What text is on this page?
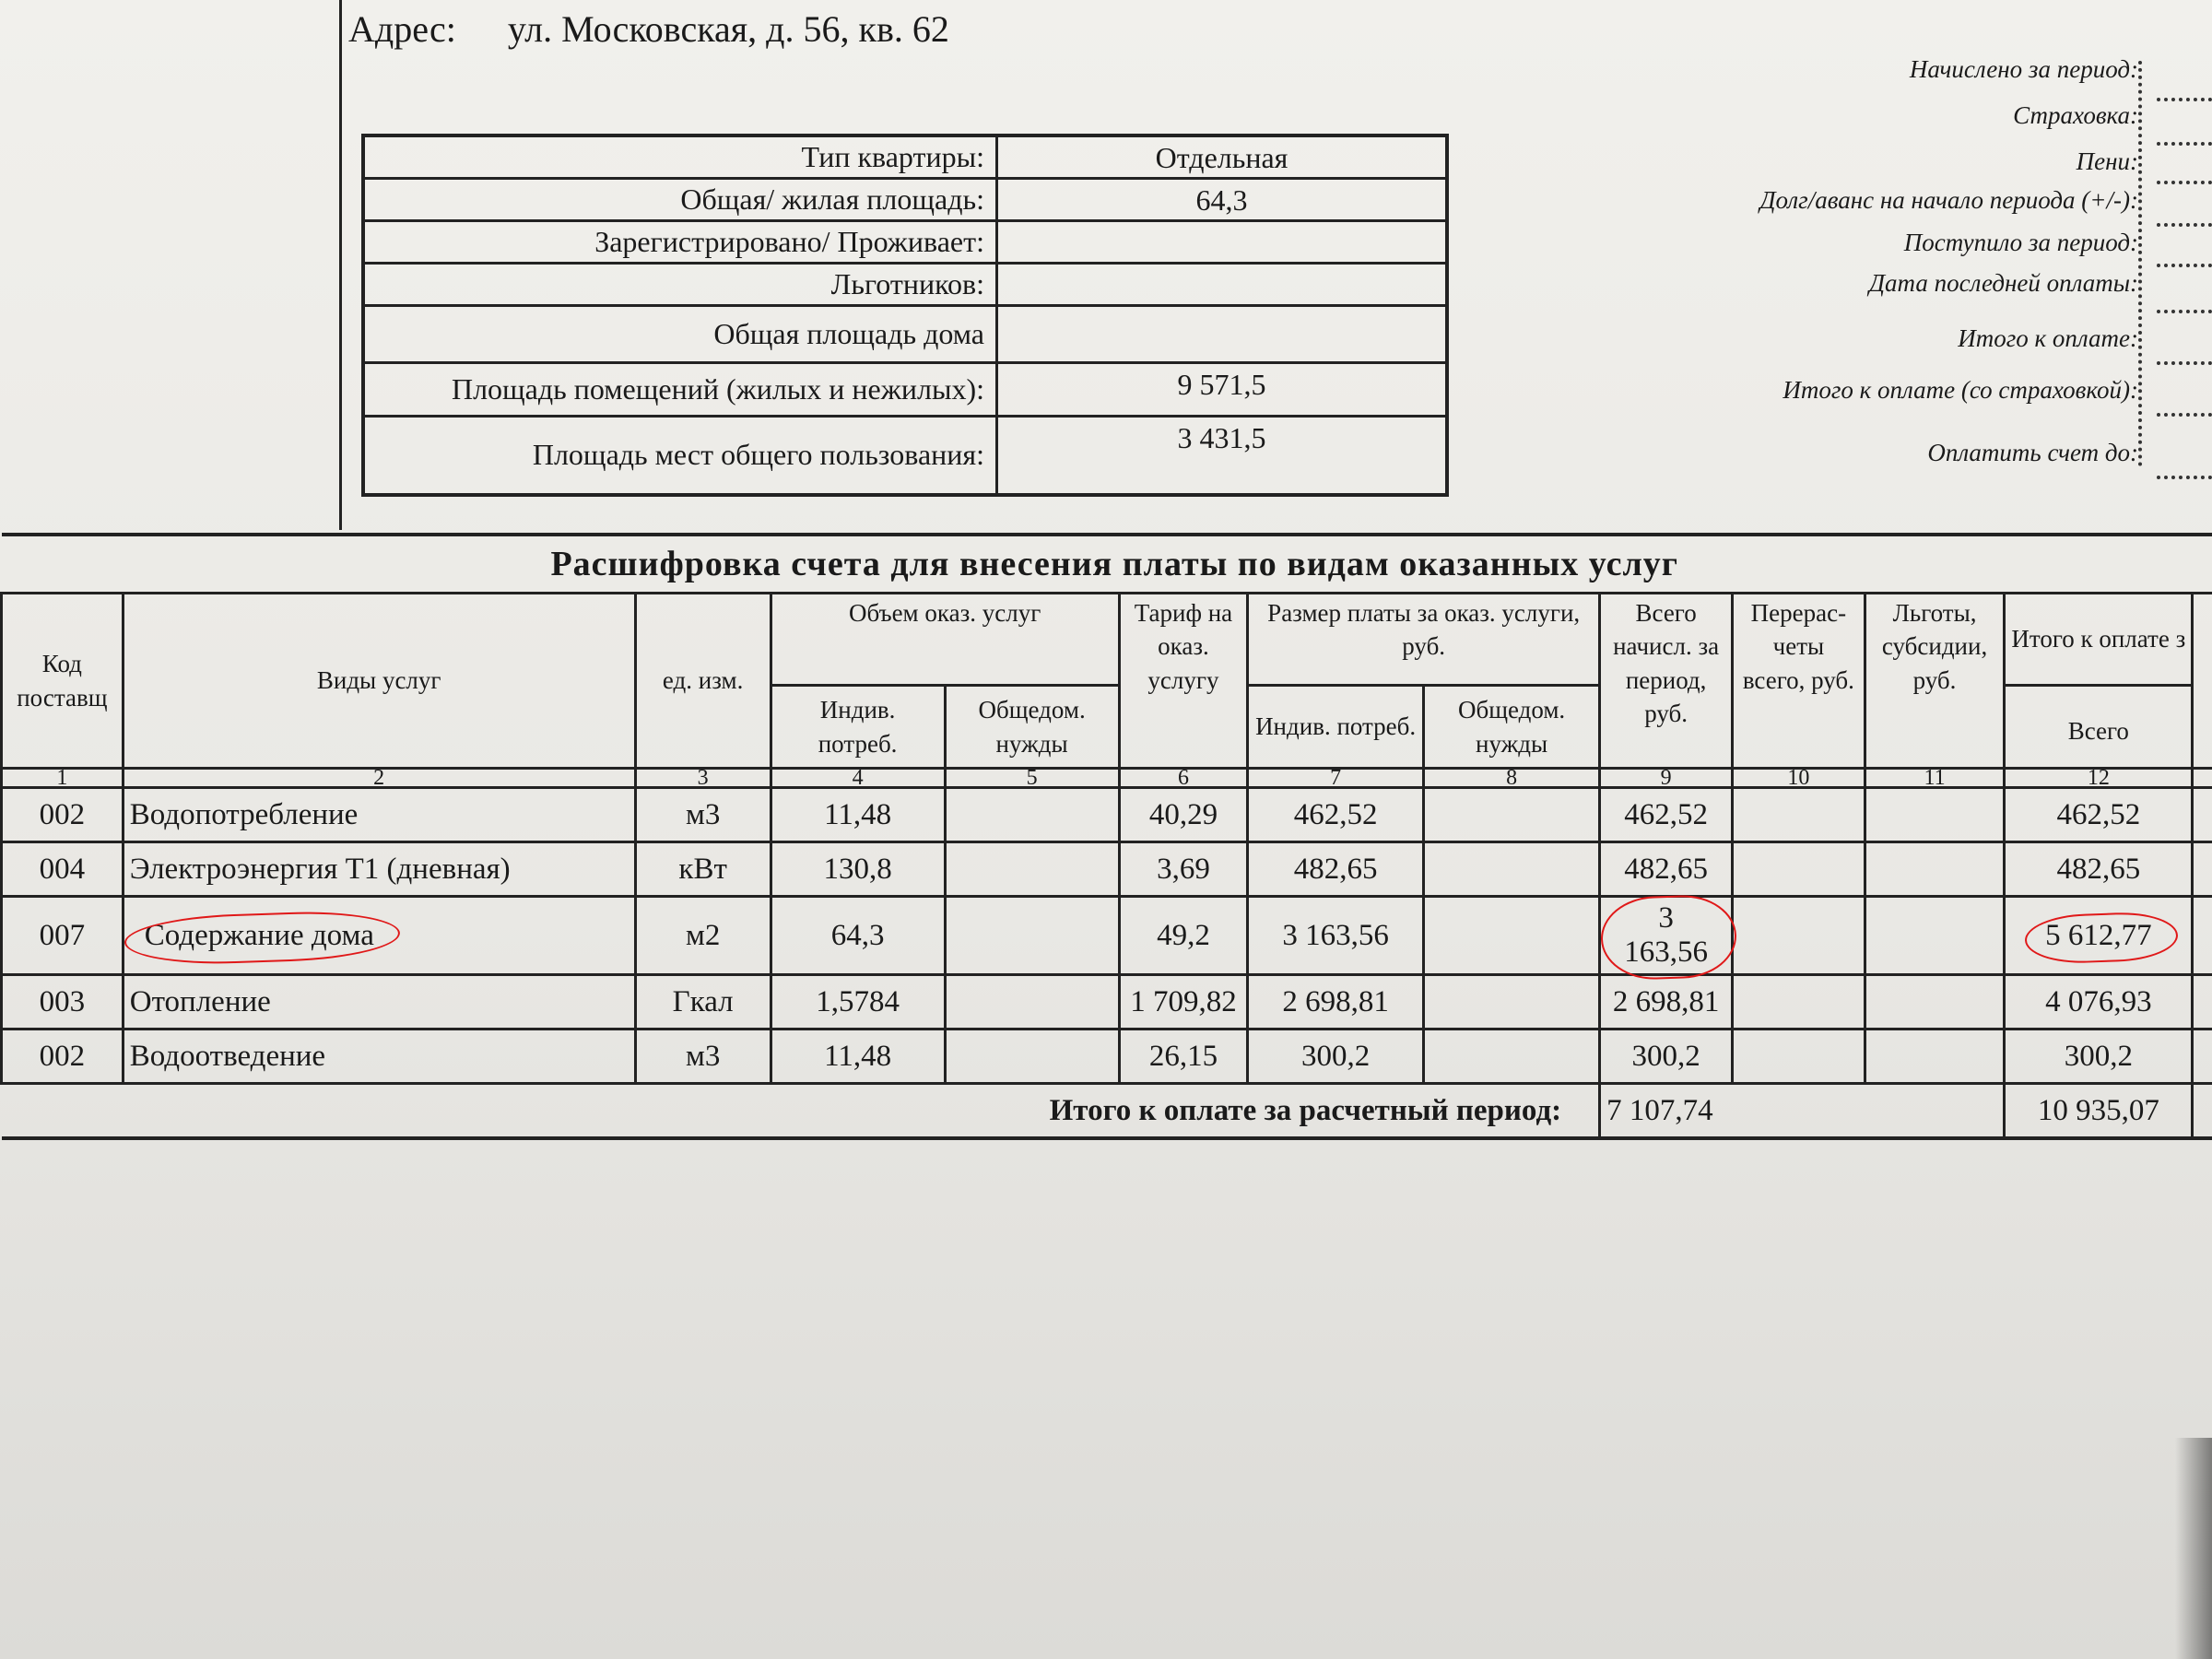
Адрес: ул. Московская, д. 56, кв. 62
Тип квартиры:	Отдельная
Общая/ жилая площадь:	64,3
Зарегистрировано/ Проживает:	
Льготников:	
Общая площадь дома	
Площадь помещений (жилых и нежилых):	9 571,5
Площадь мест общего пользования:	3 431,5
Начислено за период:
Страховка:
Пени:
Долг/аванс на начало периода (+/-):
Поступило за период:
Дата последней оплаты:
Итого к оплате:
Итого к оплате (со страховкой):
Оплатить счет до:
Расшифровка счета для внесения платы по видам оказанных услуг												
Код поставщ	Виды услуг	ед. изм.	Объем оказ. услуг		Тариф на оказ. услугу	Размер платы за оказ. услуги, руб.		Всего начисл. за период, руб.	Перерас- четы всего, руб.	Льготы, субсидии, руб.	Итого к оплате з	
			Индив. потреб.	Общедом. нужды		Индив. потреб.	Общедом. нужды				Всего	
1	2	3	4	5	6	7	8	9	10	11	12	
002	Водопотребление	м3	11,48		40,29	462,52		462,52			462,52	
004	Электроэнергия Т1 (дневная)	кВт	130,8		3,69	482,65		482,65			482,65	
007	Содержание дома	м2	64,3		49,2	3 163,56		3 163,56			5 612,77	
003	Отопление	Гкал	1,5784		1 709,82	2 698,81		2 698,81			4 076,93	
002	Водоотведение	м3	11,48		26,15	300,2		300,2			300,2	
Итого к оплате за расчетный период:								7 107,74			10 935,07	
